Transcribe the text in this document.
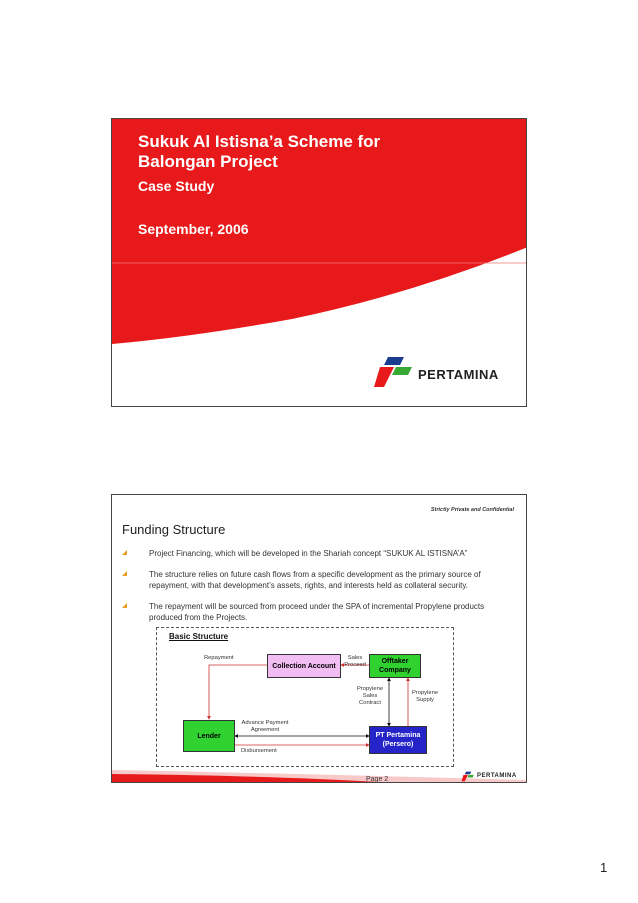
Sukuk Al Istisna’a Scheme for
Balongan Project
Case Study
September, 2006
PERTAMINA
Strictly Private and Confidential
Funding Structure
Project Financing, which will be developed in the Shariah concept “SUKUK AL ISTISNA’A”
The structure relies on future cash flows from a specific development as the primary source of repayment, with that development’s assets, rights, and interests held as collateral security.
The repayment will be sourced from proceed under the SPA of incremental Propylene products produced from the Projects.
Basic Structure
Collection Account
Offtaker Company
Lender	PT Pertamina (Persero)
Repayment	Sales Proceed
Propylene Sales Contract
Propylene Supply
Advance Payment Agreement
Disbursement
Page 2	PERTAMINA
1
